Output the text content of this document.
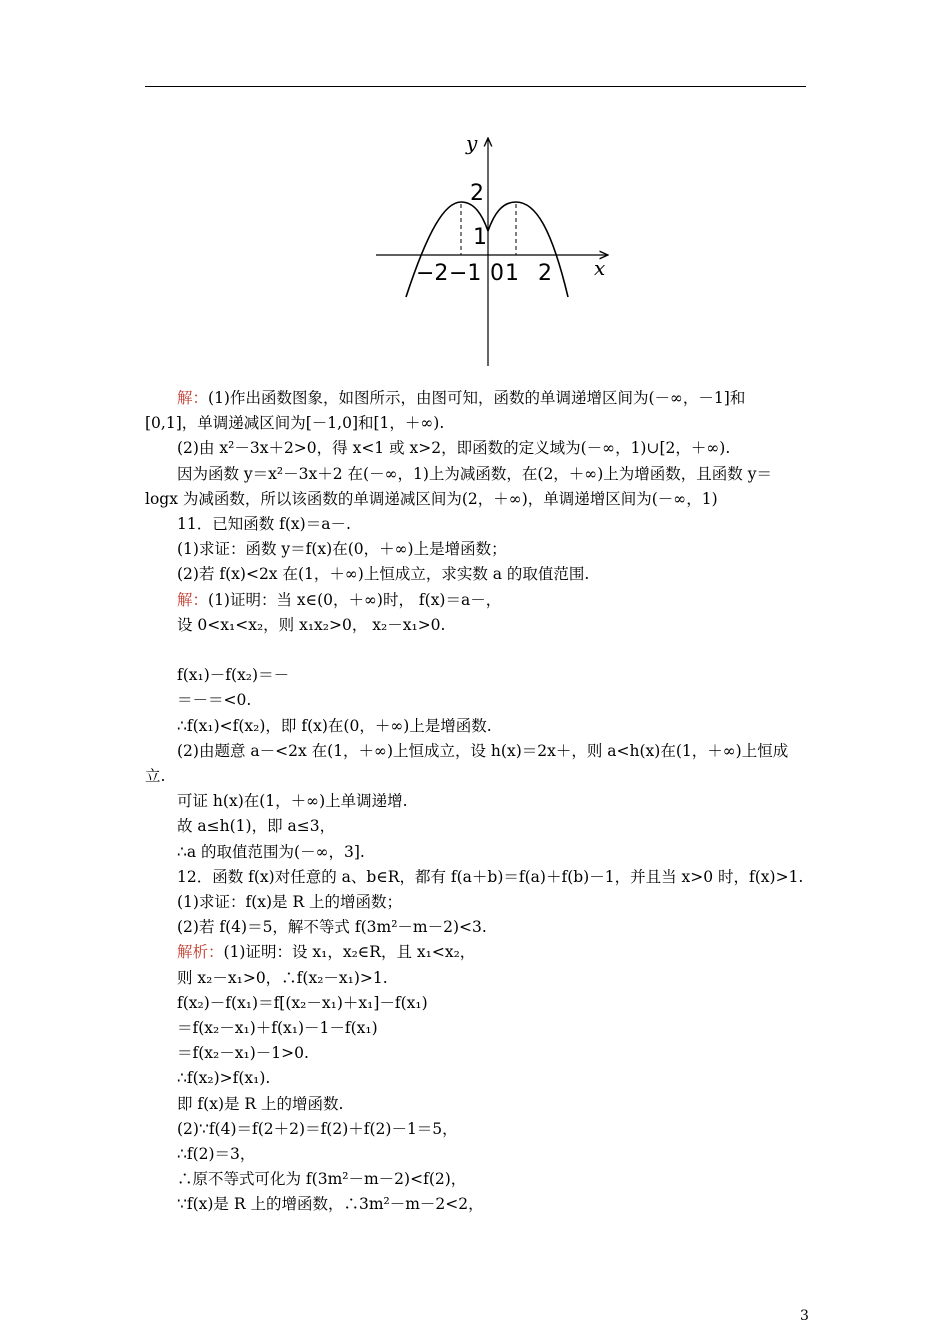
y
x
2
1
−2 −1 0 1 2
解：(1)作出函数图象，如图所示，由图可知，函数的单调递增区间为(－∞，－1]和
[0,1]，单调递减区间为[－1,0]和[1，＋∞).
(2)由 x²－3x＋2>0，得 x<1 或 x>2，即函数的定义域为(－∞，1)∪[2，＋∞).
因为函数 y＝x²－3x＋2 在(－∞，1)上为减函数，在(2，＋∞)上为增函数，且函数 y＝
logx 为减函数，所以该函数的单调递减区间为(2，＋∞)，单调递增区间为(－∞，1)
11．已知函数 f(x)＝a－.
(1)求证：函数 y＝f(x)在(0，＋∞)上是增函数；
(2)若 f(x)<2x 在(1，＋∞)上恒成立，求实数 a 的取值范围.
解：(1)证明：当 x∈(0，＋∞)时， f(x)＝a－，
设 0<x₁<x₂，则 x₁x₂>0， x₂－x₁>0.
f(x₁)－f(x₂)＝－
＝－＝<0.
∴f(x₁)<f(x₂)，即 f(x)在(0，＋∞)上是增函数.
(2)由题意 a－<2x 在(1，＋∞)上恒成立，设 h(x)＝2x＋，则 a<h(x)在(1，＋∞)上恒成
立.
可证 h(x)在(1，＋∞)上单调递增.
故 a≤h(1)，即 a≤3，
∴a 的取值范围为(－∞，3].
12．函数 f(x)对任意的 a、b∈R，都有 f(a＋b)＝f(a)＋f(b)－1，并且当 x>0 时，f(x)>1.
(1)求证：f(x)是 R 上的增函数；
(2)若 f(4)＝5，解不等式 f(3m²－m－2)<3.
解析：(1)证明：设 x₁，x₂∈R，且 x₁<x₂，
则 x₂－x₁>0，∴f(x₂－x₁)>1.
f(x₂)－f(x₁)＝f[(x₂－x₁)＋x₁]－f(x₁)
＝f(x₂－x₁)＋f(x₁)－1－f(x₁)
＝f(x₂－x₁)－1>0.
∴f(x₂)>f(x₁).
即 f(x)是 R 上的增函数.
(2)∵f(4)＝f(2＋2)＝f(2)＋f(2)－1＝5，
∴f(2)＝3，
∴原不等式可化为 f(3m²－m－2)<f(2)，
∵f(x)是 R 上的增函数，∴3m²－m－2<2，
3
